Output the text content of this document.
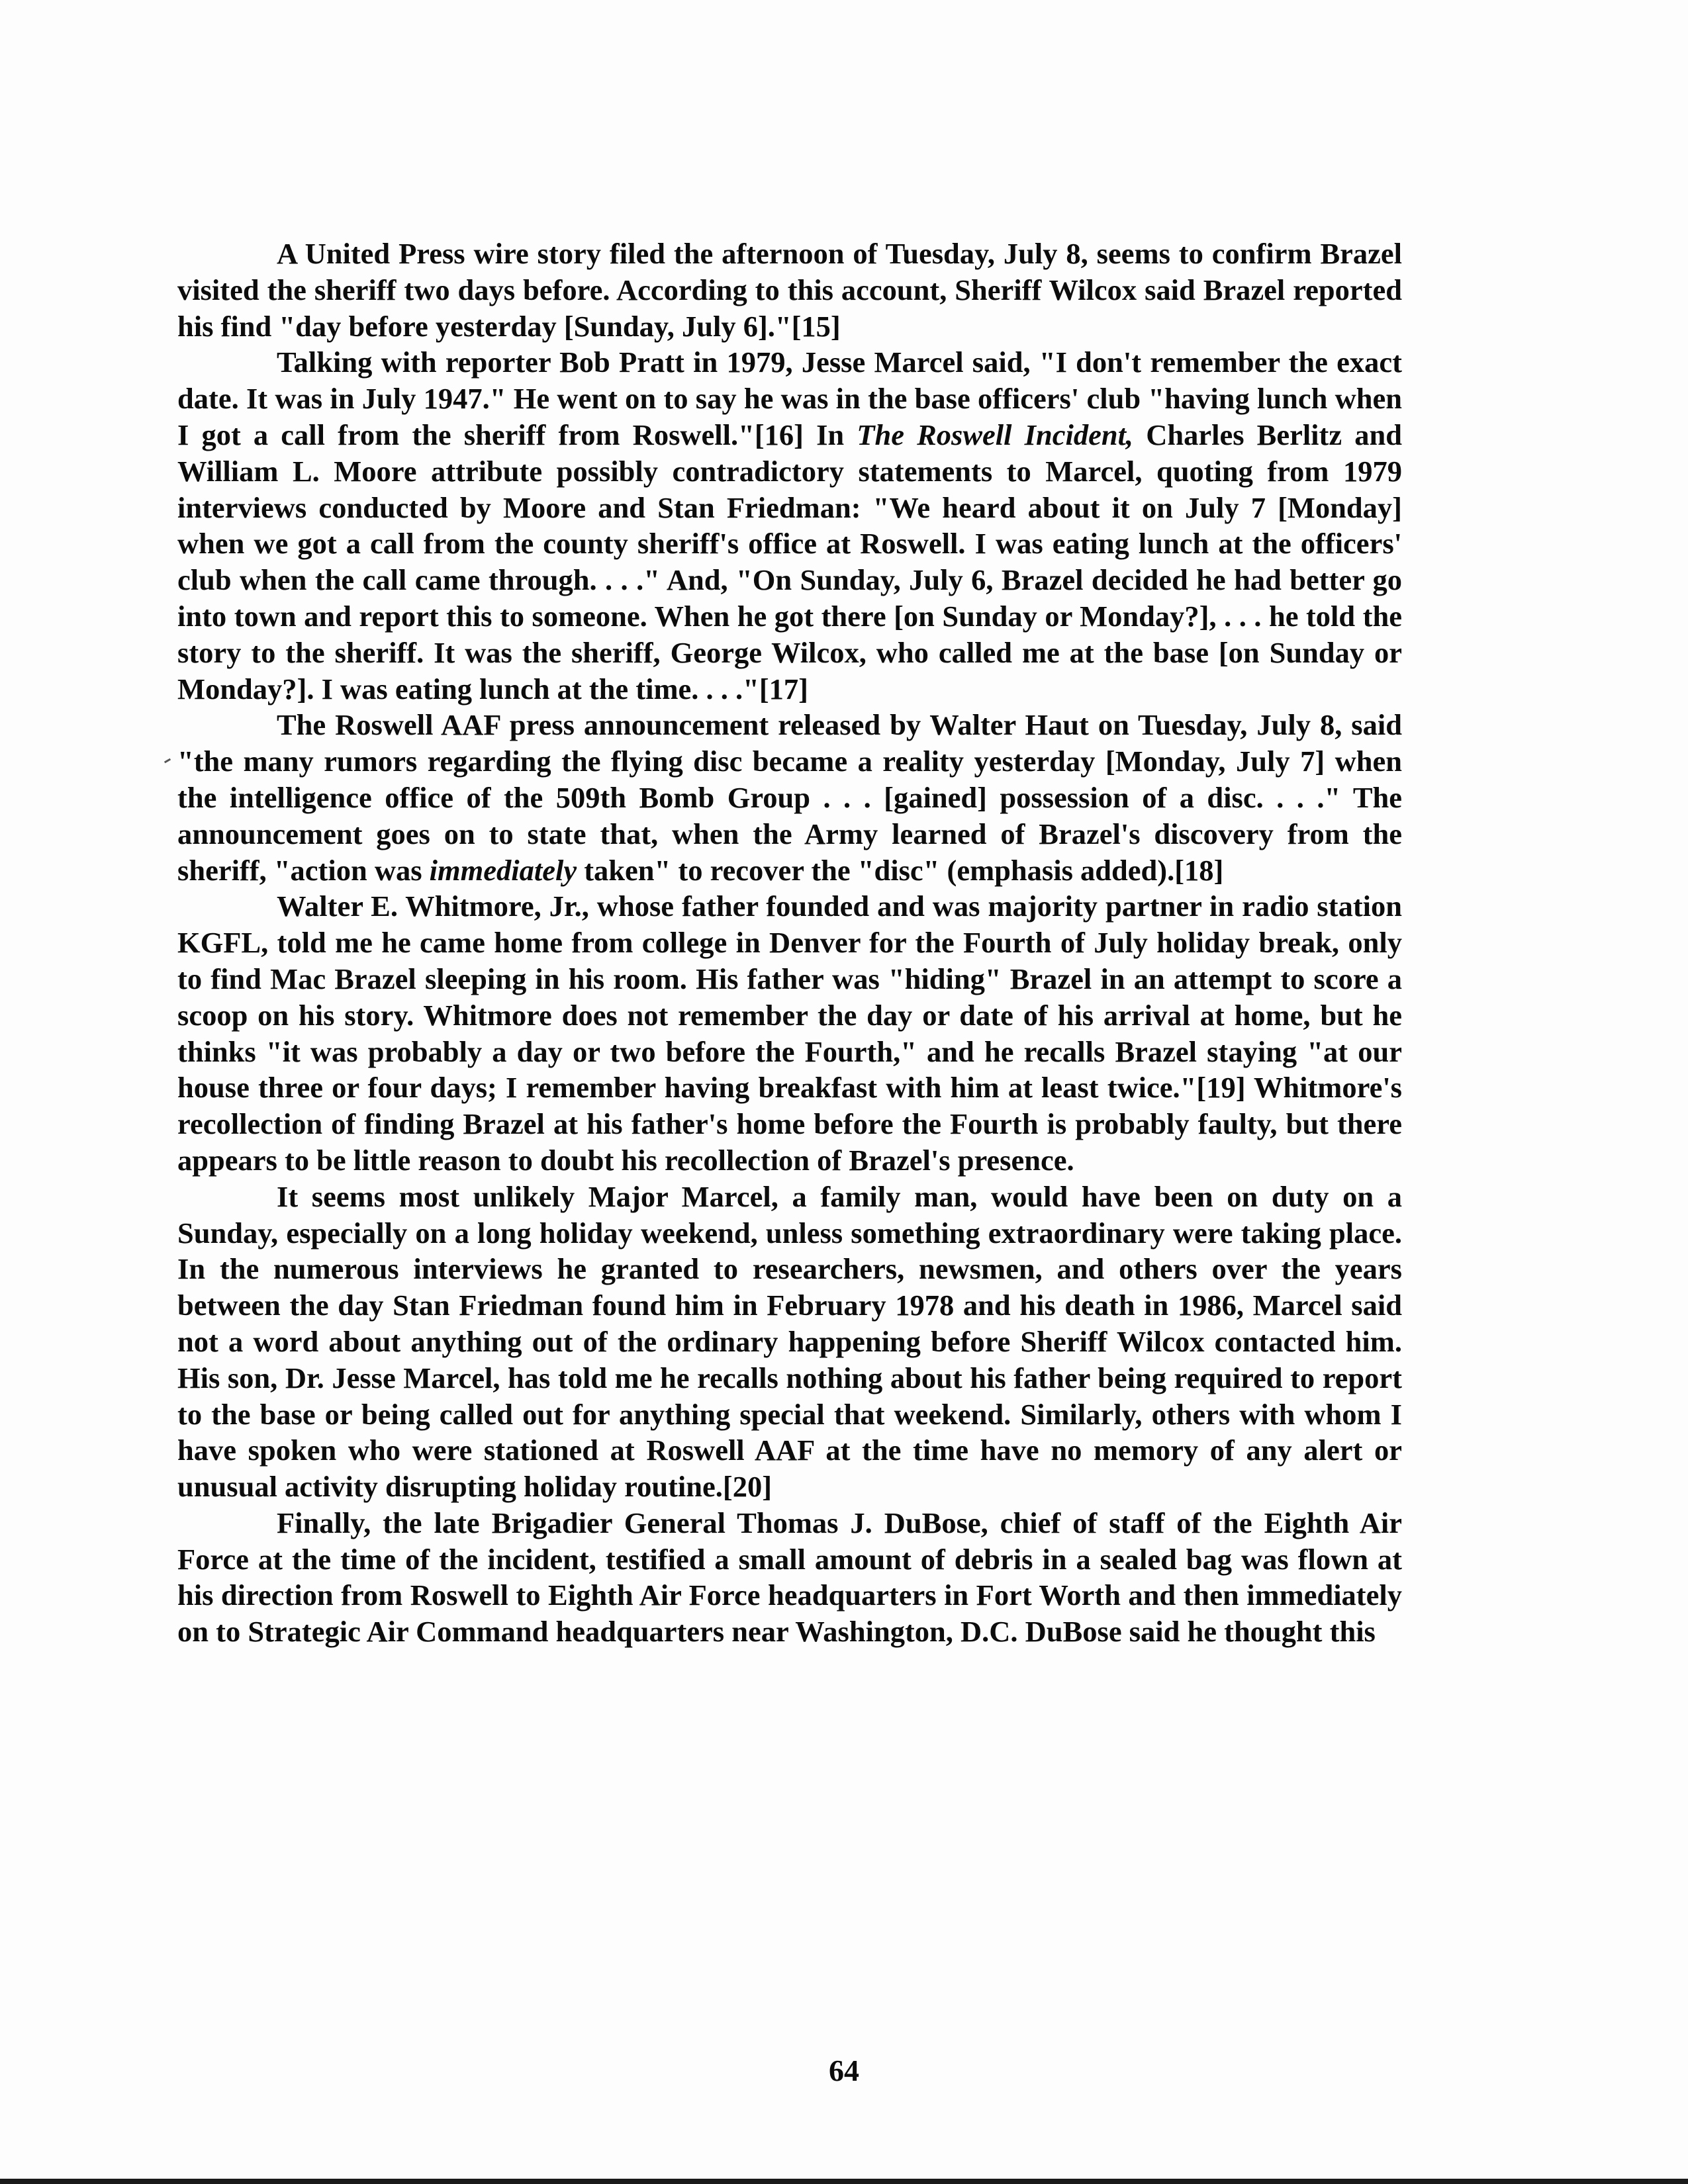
A United Press wire story filed the afternoon of Tuesday, July 8, seems to confirm Brazel visited the sheriff two days before. According to this account, Sheriff Wilcox said Brazel reported his find "day before yesterday [Sunday, July 6]."[15]

Talking with reporter Bob Pratt in 1979, Jesse Marcel said, "I don't remember the exact date. It was in July 1947." He went on to say he was in the base officers' club "having lunch when I got a call from the sheriff from Roswell."[16] In The Roswell Incident, Charles Berlitz and William L. Moore attribute possibly contradictory statements to Marcel, quoting from 1979 interviews conducted by Moore and Stan Friedman: "We heard about it on July 7 [Monday] when we got a call from the county sheriff's office at Roswell. I was eating lunch at the officers' club when the call came through. . . ." And, "On Sunday, July 6, Brazel decided he had better go into town and report this to someone. When he got there [on Sunday or Monday?], . . . he told the story to the sheriff. It was the sheriff, George Wilcox, who called me at the base [on Sunday or Monday?]. I was eating lunch at the time. . . ."[17]

The Roswell AAF press announcement released by Walter Haut on Tuesday, July 8, said "the many rumors regarding the flying disc became a reality yesterday [Monday, July 7] when the intelligence office of the 509th Bomb Group . . . [gained] possession of a disc. . . ." The announcement goes on to state that, when the Army learned of Brazel's discovery from the sheriff, "action was immediately taken" to recover the "disc" (emphasis added).[18]

Walter E. Whitmore, Jr., whose father founded and was majority partner in radio station KGFL, told me he came home from college in Denver for the Fourth of July holiday break, only to find Mac Brazel sleeping in his room. His father was "hiding" Brazel in an attempt to score a scoop on his story. Whitmore does not remember the day or date of his arrival at home, but he thinks "it was probably a day or two before the Fourth," and he recalls Brazel staying "at our house three or four days; I remember having breakfast with him at least twice."[19] Whitmore's recollection of finding Brazel at his father's home before the Fourth is probably faulty, but there appears to be little reason to doubt his recollection of Brazel's presence.

It seems most unlikely Major Marcel, a family man, would have been on duty on a Sunday, especially on a long holiday weekend, unless something extraordinary were taking place. In the numerous interviews he granted to researchers, newsmen, and others over the years between the day Stan Friedman found him in February 1978 and his death in 1986, Marcel said not a word about anything out of the ordinary happening before Sheriff Wilcox contacted him. His son, Dr. Jesse Marcel, has told me he recalls nothing about his father being required to report to the base or being called out for anything special that weekend. Similarly, others with whom I have spoken who were stationed at Roswell AAF at the time have no memory of any alert or unusual activity disrupting holiday routine.[20]

Finally, the late Brigadier General Thomas J. DuBose, chief of staff of the Eighth Air Force at the time of the incident, testified a small amount of debris in a sealed bag was flown at his direction from Roswell to Eighth Air Force headquarters in Fort Worth and then immediately on to Strategic Air Command headquarters near Washington, D.C. DuBose said he thought this

64
